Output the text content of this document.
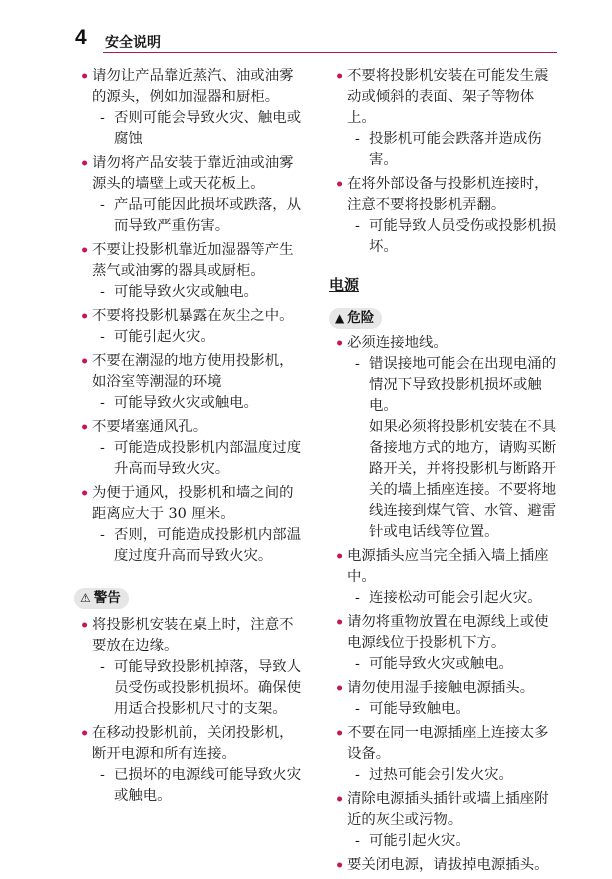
4 安全说明
• 请勿让产品靠近蒸汽、油或油雾的源头，例如加湿器和厨柜。
- 否则可能会导致火灾、触电或腐蚀
• 请勿将产品安装于靠近油或油雾源头的墙壁上或天花板上。
- 产品可能因此损坏或跌落，从而导致严重伤害。
• 不要让投影机靠近加湿器等产生蒸气或油雾的器具或厨柜。
- 可能导致火灾或触电。
• 不要将投影机暴露在灰尘之中。
- 可能引起火灾。
• 不要在潮湿的地方使用投影机，如浴室等潮湿的环境
- 可能导致火灾或触电。
• 不要堵塞通风孔。
- 可能造成投影机内部温度过度升高而导致火灾。
• 为便于通风，投影机和墙之间的距离应大于 30 厘米。
- 否则，可能造成投影机内部温度过度升高而导致火灾。
⚠ 警告
• 将投影机安装在桌上时，注意不要放在边缘。
- 可能导致投影机掉落，导致人员受伤或投影机损坏。确保使用适合投影机尺寸的支架。
• 在移动投影机前，关闭投影机，断开电源和所有连接。
- 已损坏的电源线可能导致火灾或触电。
• 不要将投影机安装在可能发生震动或倾斜的表面、架子等物体上。
- 投影机可能会跌落并造成伤害。
• 在将外部设备与投影机连接时，注意不要将投影机弄翻。
- 可能导致人员受伤或投影机损坏。
电源
▲ 危险
• 必须连接地线。
- 错误接地可能会在出现电涌的情况下导致投影机损坏或触电。
如果必须将投影机安装在不具备接地方式的地方，请购买断路开关，并将投影机与断路开关的墙上插座连接。不要将地线连接到煤气管、水管、避雷针或电话线等位置。
• 电源插头应当完全插入墙上插座中。
- 连接松动可能会引起火灾。
• 请勿将重物放置在电源线上或使电源线位于投影机下方。
- 可能导致火灾或触电。
• 请勿使用湿手接触电源插头。
- 可能导致触电。
• 不要在同一电源插座上连接太多设备。
- 过热可能会引发火灾。
• 清除电源插头插针或墙上插座附近的灰尘或污物。
- 可能引起火灾。
• 要关闭电源，请拔掉电源插头。
